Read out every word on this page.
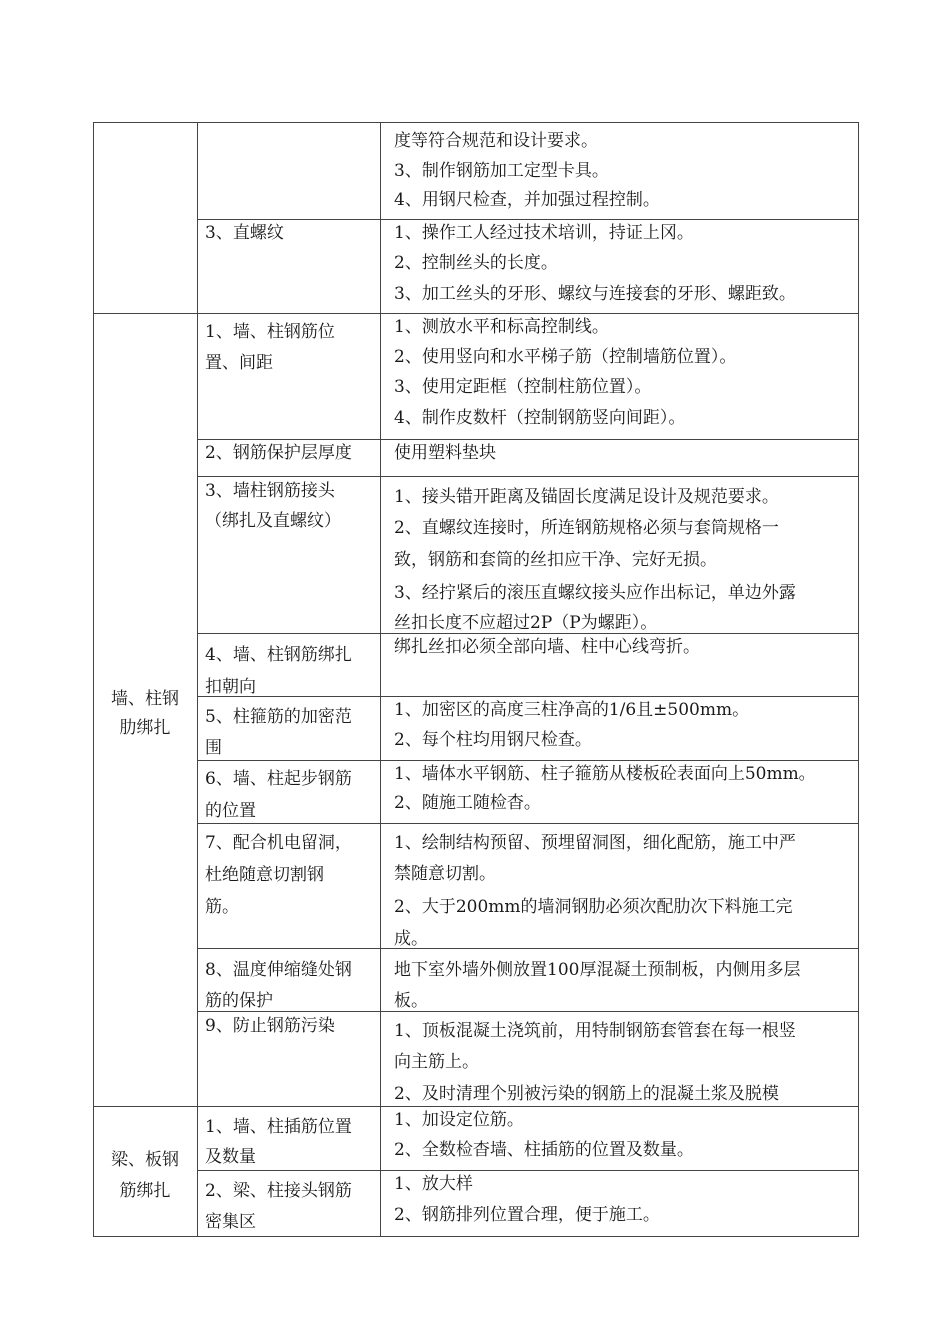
度等符合规范和设计要求。
3、制作钢筋加工定型卡具。
4、用钢尺检查，并加强过程控制。
3、直螺纹	1、操作工人经过技术培训，持证上冈。
2、控制丝头的长度。
3、加工丝头的牙形、螺纹与连接套的牙形、螺距致。
墙、柱钢
肋绑扎
1、墙、柱钢筋位
置、间距
1、测放水平和标高控制线。
2、使用竖向和水平梯子筋（控制墙筋位置）。
3、使用定距框（控制柱筋位置）。
4、制作皮数杆（控制钢筋竖向间距）。
2、钢筋保护层厚度 使用塑料垫块
3、墙柱钢筋接头
（绑扎及直螺纹）
1、接头错开距离及锚固长度满足设计及规范要求。
2、直螺纹连接时，所连钢筋规格必须与套筒规格一
致，钢筋和套筒的丝扣应干净、完好无损。
3、经拧紧后的滚压直螺纹接头应作出标记，单边外露
丝扣长度不应超过2P（P为螺距）。
4、墙、柱钢筋绑扎
扣朝向
绑扎丝扣必须全部向墙、柱中心线弯折。
5、柱箍筋的加密范
围
1、加密区的高度三柱净高的1/6且±500mm。
2、每个柱均用钢尺检查。
6、墙、柱起步钢筋
的位置
1、墙体水平钢筋、柱子箍筋从楼板砼表面向上50mm。
2、随施工随检杳。
7、配合机电留洞，
杜绝随意切割钢
筋。
1、绘制结构预留、预埋留洞图，细化配筋，施工中严
禁随意切割。
2、大于200mm的墙洞钢肋必须次配肋次下料施工完
成。
8、温度伸缩缝处钢
筋的保护
地下室外墙外侧放置100厚混凝土预制板，内侧用多层
板。
9、防止钢筋污染	1、顶板混凝土浇筑前，用特制钢筋套管套在每一根竖
向主筋上。
2、及时清理个别被污染的钢筋上的混凝土浆及脱模
梁、板钢
筋绑扎
1、墙、柱插筋位置
及数量
1、加设定位筋。
2、全数检杳墙、柱插筋的位置及数量。
2、梁、柱接头钢筋
密集区
1、放大样
2、钢筋排列位置合理，便于施工。
